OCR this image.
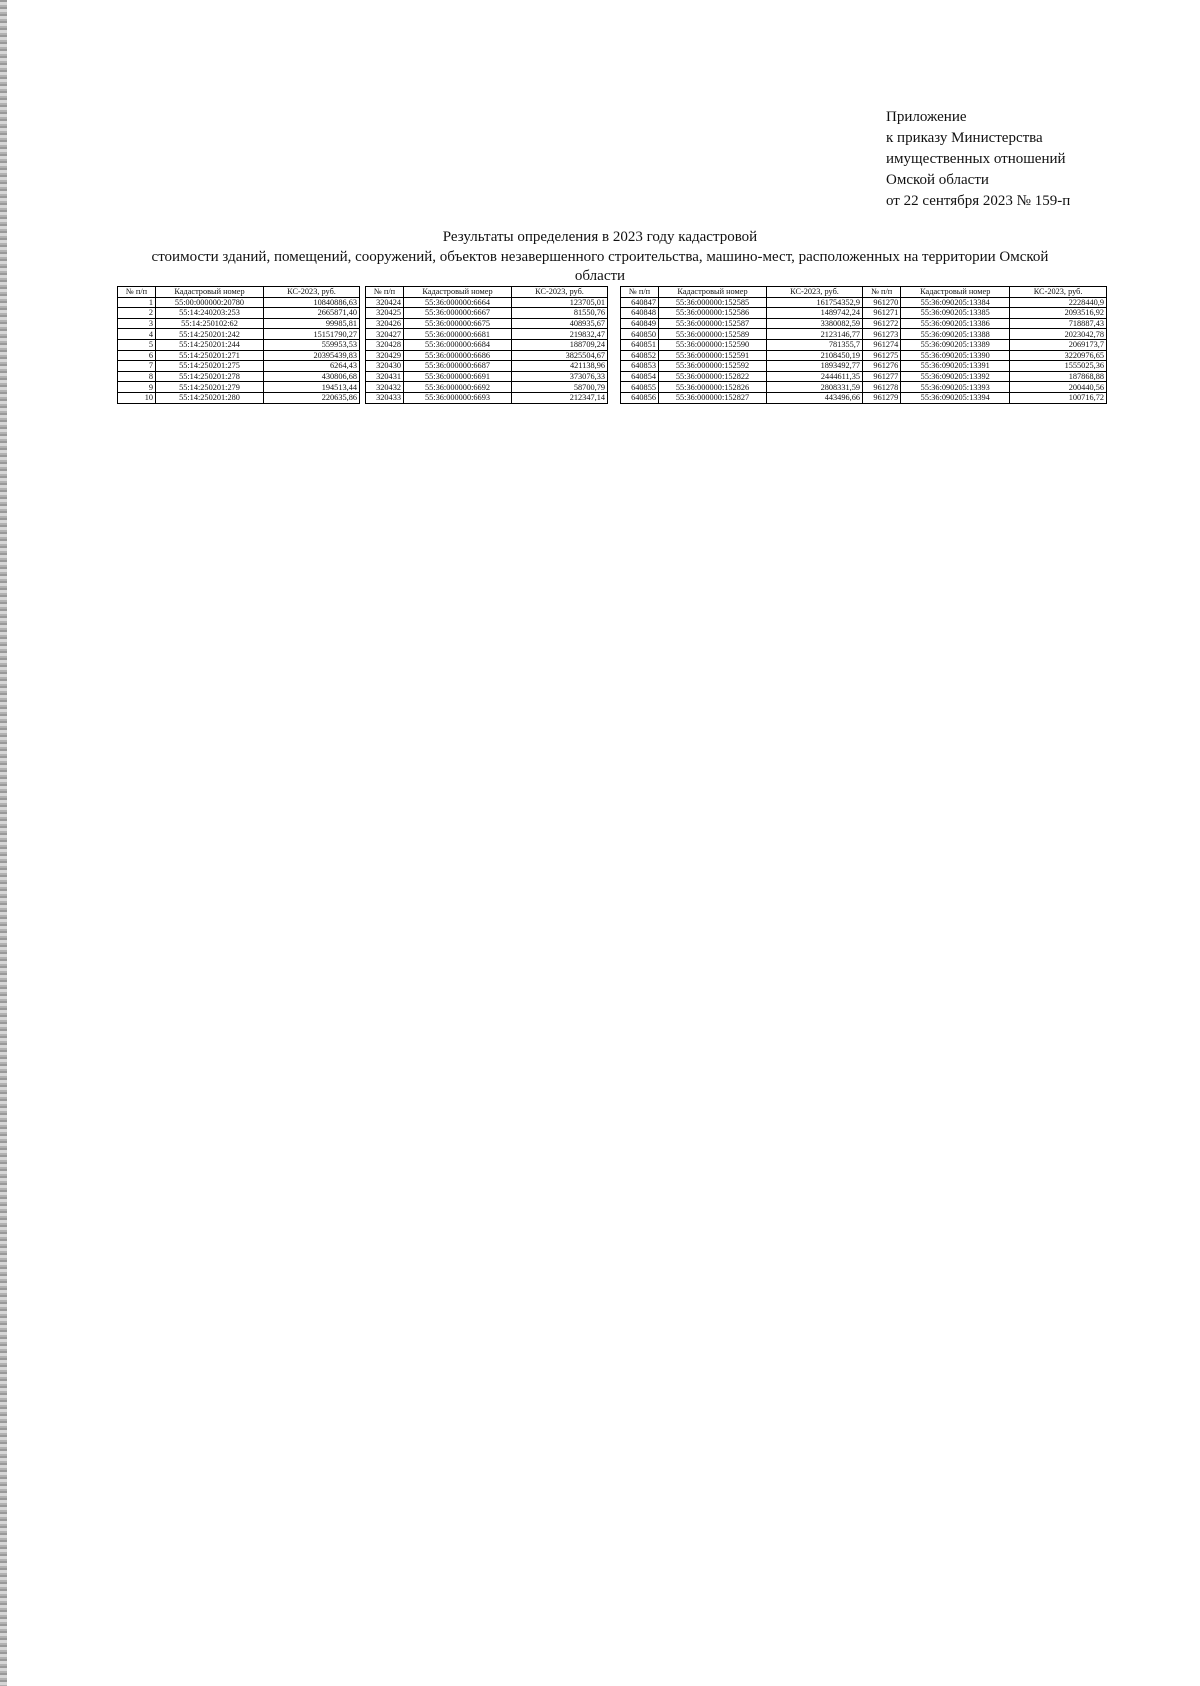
Приложение
к приказу Министерства
имущественных отношений
Омской области
от 22 сентября 2023 № 159-п
Результаты определения в 2023 году кадастровой
стоимости зданий, помещений, сооружений, объектов незавершенного строительства, машино-мест, расположенных на территории Омской
области
№ п/п	Кадастровый номер	КС-2023, руб.
1	55:00:000000:20780	10840886,63
2	55:14:240203:253	2665871,40
3	55:14:250102:62	99985,81
4	55:14:250201:242	15151790,27
5	55:14:250201:244	559953,53
6	55:14:250201:271	20395439,83
7	55:14:250201:275	6264,43
8	55:14:250201:278	430806,68
9	55:14:250201:279	194513,44
10	55:14:250201:280	220635,86
№ п/п	Кадастровый номер	КС-2023, руб.
320424	55:36:000000:6664	123705,01
320425	55:36:000000:6667	81550,76
320426	55:36:000000:6675	408935,67
320427	55:36:000000:6681	219832,47
320428	55:36:000000:6684	188709,24
320429	55:36:000000:6686	3825504,67
320430	55:36:000000:6687	421138,96
320431	55:36:000000:6691	373076,33
320432	55:36:000000:6692	58700,79
320433	55:36:000000:6693	212347,14
№ п/п	Кадастровый номер	КС-2023, руб.
640847	55:36:000000:152585	161754352,9
640848	55:36:000000:152586	1489742,24
640849	55:36:000000:152587	3380082,59
640850	55:36:000000:152589	2123146,77
640851	55:36:000000:152590	781355,7
640852	55:36:000000:152591	2108450,19
640853	55:36:000000:152592	1893492,77
640854	55:36:000000:152822	2444611,35
640855	55:36:000000:152826	2808331,59
640856	55:36:000000:152827	443496,66
№ п/п	Кадастровый номер	КС-2023, руб.
961270	55:36:090205:13384	2228440,9
961271	55:36:090205:13385	2093516,92
961272	55:36:090205:13386	718887,43
961273	55:36:090205:13388	2023042,78
961274	55:36:090205:13389	2069173,7
961275	55:36:090205:13390	3220976,65
961276	55:36:090205:13391	1555025,36
961277	55:36:090205:13392	187868,88
961278	55:36:090205:13393	200440,56
961279	55:36:090205:13394	100716,72
